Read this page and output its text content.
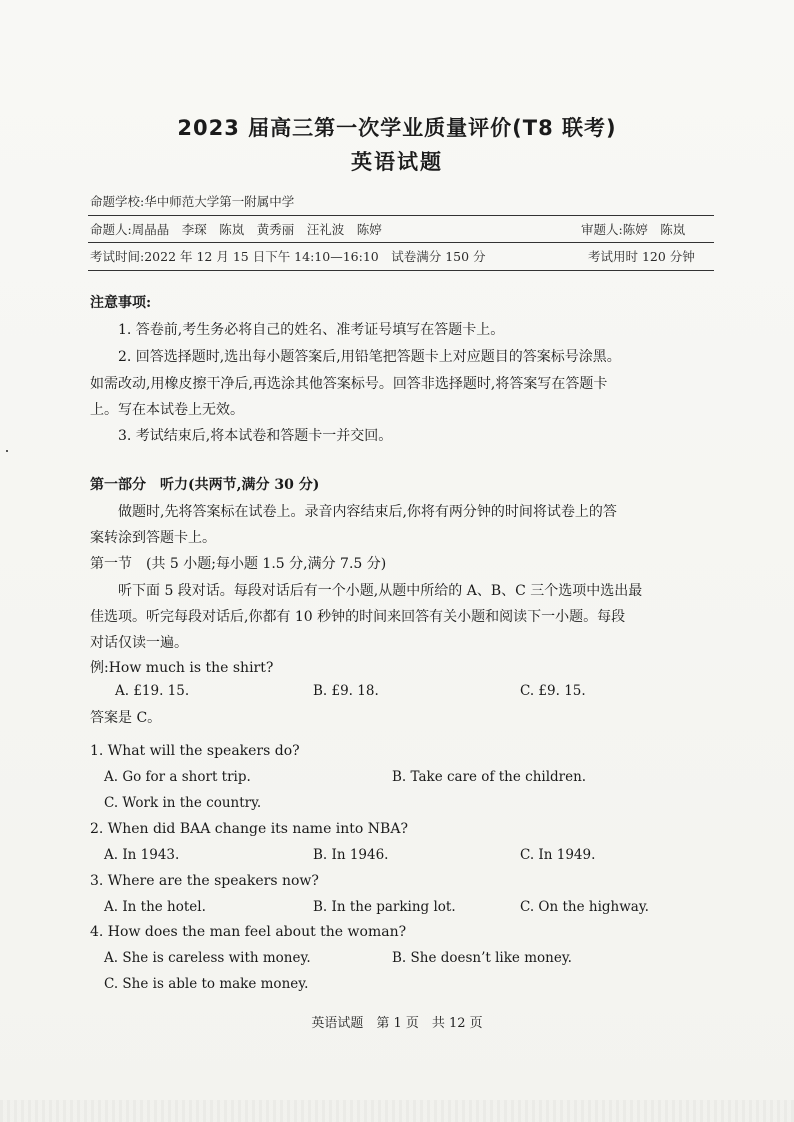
2023 届高三第一次学业质量评价(T8 联考)
英语试题
命题学校:华中师范大学第一附属中学
命题人:周晶晶　李琛　陈岚　黄秀丽　汪礼波　陈婷	审题人:陈婷　陈岚
考试时间:2022 年 12 月 15 日下午 14:10—16:10　试卷满分 150 分	考试用时 120 分钟
注意事项:
1. 答卷前,考生务必将自己的姓名、准考证号填写在答题卡上。
2. 回答选择题时,选出每小题答案后,用铅笔把答题卡上对应题目的答案标号涂黑。
如需改动,用橡皮擦干净后,再选涂其他答案标号。回答非选择题时,将答案写在答题卡
上。写在本试卷上无效。
3. 考试结束后,将本试卷和答题卡一并交回。
第一部分　听力(共两节,满分 30 分)
做题时,先将答案标在试卷上。录音内容结束后,你将有两分钟的时间将试卷上的答
案转涂到答题卡上。
第一节　(共 5 小题;每小题 1.5 分,满分 7.5 分)
听下面 5 段对话。每段对话后有一个小题,从题中所给的 A、B、C 三个选项中选出最
佳选项。听完每段对话后,你都有 10 秒钟的时间来回答有关小题和阅读下一小题。每段
对话仅读一遍。
例:How much is the shirt?
A. £19. 15.	B. £9. 18.	C. £9. 15.
答案是 C。
1. What will the speakers do?
A. Go for a short trip.	B. Take care of the children.
C. Work in the country.
2. When did BAA change its name into NBA?
A. In 1943.	B. In 1946.	C. In 1949.
3. Where are the speakers now?
A. In the hotel.	B. In the parking lot.	C. On the highway.
4. How does the man feel about the woman?
A. She is careless with money.	B. She doesn’t like money.
C. She is able to make money.
英语试题　第 1 页　共 12 页
